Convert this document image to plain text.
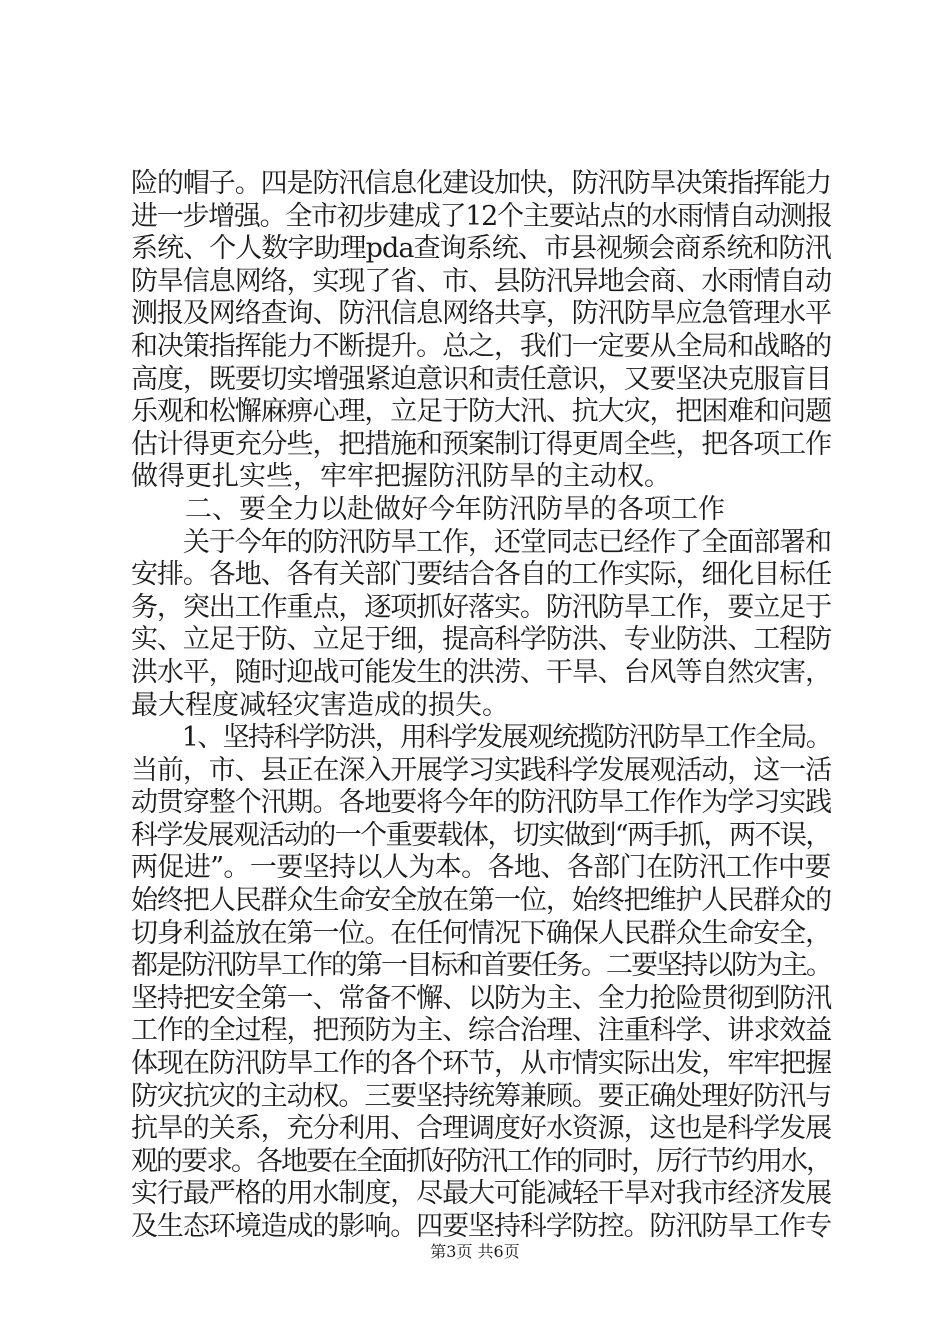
险的帽子。四是防汛信息化建设加快，防汛防旱决策指挥能力
进一步增强。全市初步建成了12个主要站点的水雨情自动测报
系统、个人数字助理pda查询系统、市县视频会商系统和防汛
防旱信息网络，实现了省、市、县防汛异地会商、水雨情自动
测报及网络查询、防汛信息网络共享，防汛防旱应急管理水平
和决策指挥能力不断提升。总之，我们一定要从全局和战略的
高度，既要切实增强紧迫意识和责任意识，又要坚决克服盲目
乐观和松懈麻痹心理，立足于防大汛、抗大灾，把困难和问题
估计得更充分些，把措施和预案制订得更周全些，把各项工作
做得更扎实些，牢牢把握防汛防旱的主动权。
　　二、要全力以赴做好今年防汛防旱的各项工作
　　关于今年的防汛防旱工作，还堂同志已经作了全面部署和
安排。各地、各有关部门要结合各自的工作实际，细化目标任
务，突出工作重点，逐项抓好落实。防汛防旱工作，要立足于
实、立足于防、立足于细，提高科学防洪、专业防洪、工程防
洪水平，随时迎战可能发生的洪涝、干旱、台风等自然灾害，
最大程度减轻灾害造成的损失。
　　1、坚持科学防洪，用科学发展观统揽防汛防旱工作全局。
当前，市、县正在深入开展学习实践科学发展观活动，这一活
动贯穿整个汛期。各地要将今年的防汛防旱工作作为学习实践
科学发展观活动的一个重要载体，切实做到“两手抓，两不误，
两促进”。一要坚持以人为本。各地、各部门在防汛工作中要
始终把人民群众生命安全放在第一位，始终把维护人民群众的
切身利益放在第一位。在任何情况下确保人民群众生命安全，
都是防汛防旱工作的第一目标和首要任务。二要坚持以防为主。
坚持把安全第一、常备不懈、以防为主、全力抢险贯彻到防汛
工作的全过程，把预防为主、综合治理、注重科学、讲求效益
体现在防汛防旱工作的各个环节，从市情实际出发，牢牢把握
防灾抗灾的主动权。三要坚持统筹兼顾。要正确处理好防汛与
抗旱的关系，充分利用、合理调度好水资源，这也是科学发展
观的要求。各地要在全面抓好防汛工作的同时，厉行节约用水，
实行最严格的用水制度，尽最大可能减轻干旱对我市经济发展
及生态环境造成的影响。四要坚持科学防控。防汛防旱工作专
第3页 共6页
